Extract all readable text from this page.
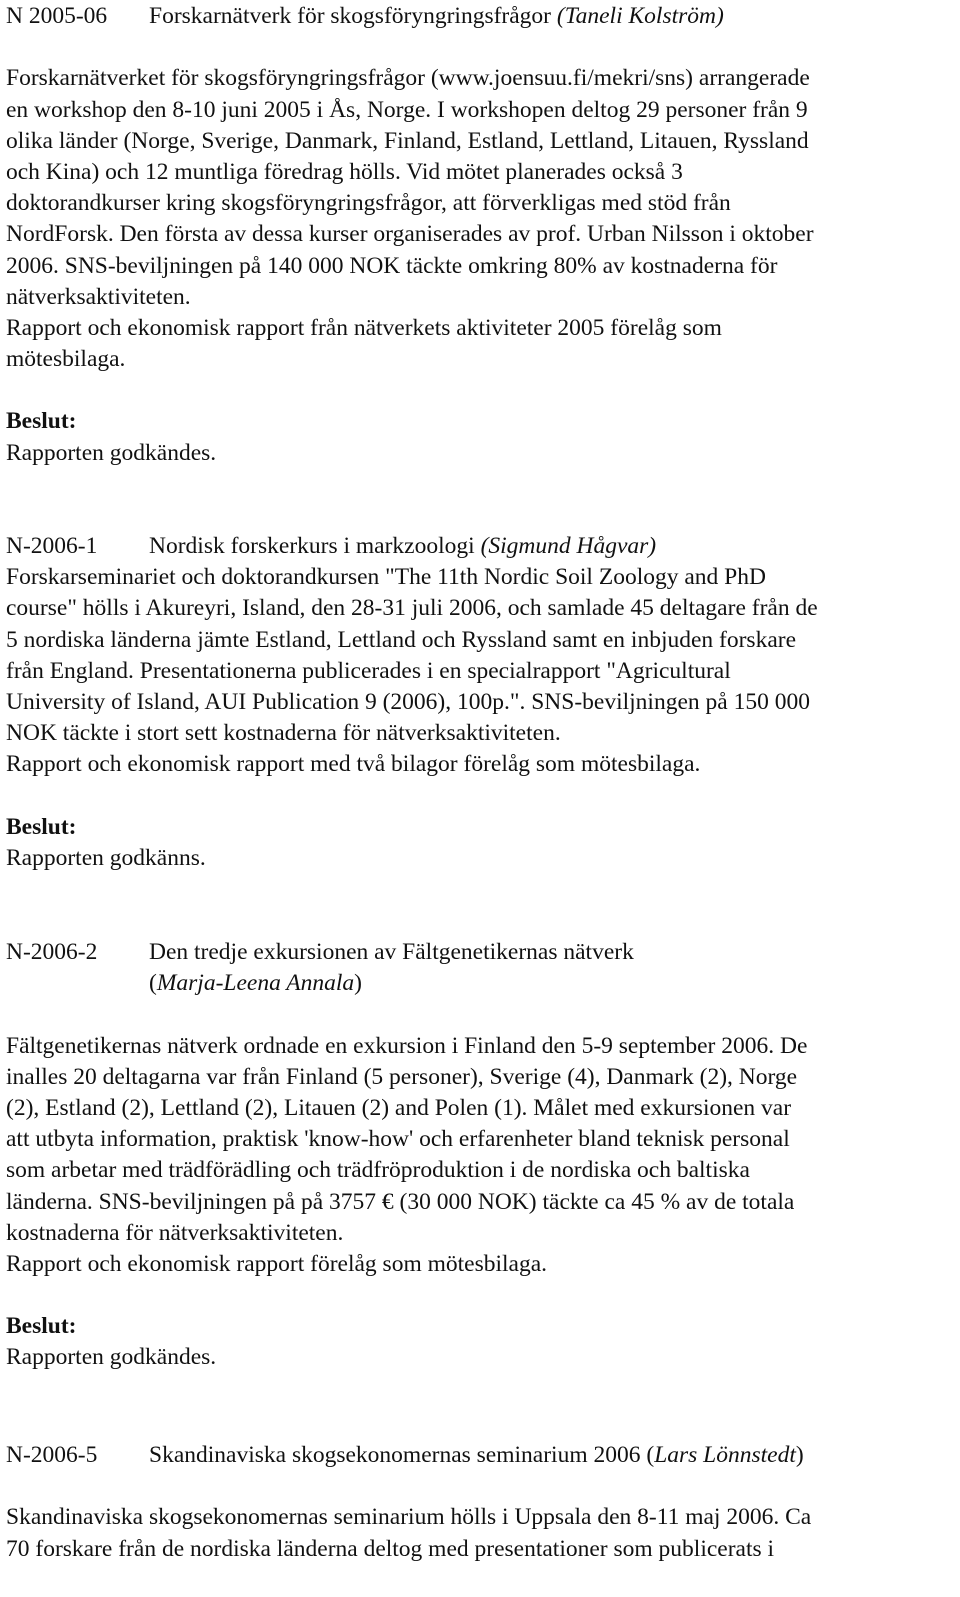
N 2005-06 Forskarnätverk för skogsföryngringsfrågor (Taneli Kolström)
Forskarnätverket för skogsföryngringsfrågor (www.joensuu.fi/mekri/sns) arrangerade
en workshop den 8-10 juni 2005 i Ås, Norge. I workshopen deltog 29 personer från 9
olika länder (Norge, Sverige, Danmark, Finland, Estland, Lettland, Litauen, Ryssland
och Kina) och 12 muntliga föredrag hölls. Vid mötet planerades också 3
doktorandkurser kring skogsföryngringsfrågor, att förverkligas med stöd från
NordForsk. Den första av dessa kurser organiserades av prof. Urban Nilsson i oktober
2006. SNS-beviljningen på 140 000 NOK täckte omkring 80% av kostnaderna för
nätverksaktiviteten.
Rapport och ekonomisk rapport från nätverkets aktiviteter 2005 förelåg som
mötesbilaga.
Beslut:
Rapporten godkändes.
N-2006-1 Nordisk forskerkurs i markzoologi (Sigmund Hågvar)
Forskarseminariet och doktorandkursen "The 11th Nordic Soil Zoology and PhD
course" hölls i Akureyri, Island, den 28-31 juli 2006, och samlade 45 deltagare från de
5 nordiska länderna jämte Estland, Lettland och Ryssland samt en inbjuden forskare
från England. Presentationerna publicerades i en specialrapport "Agricultural
University of Island, AUI Publication 9 (2006), 100p.". SNS-beviljningen på 150 000
NOK täckte i stort sett kostnaderna för nätverksaktiviteten.
Rapport och ekonomisk rapport med två bilagor förelåg som mötesbilaga.
Beslut:
Rapporten godkänns.
N-2006-2 Den tredje exkursionen av Fältgenetikernas nätverk
(Marja-Leena Annala)
Fältgenetikernas nätverk ordnade en exkursion i Finland den 5-9 september 2006. De
inalles 20 deltagarna var från Finland (5 personer), Sverige (4), Danmark (2), Norge
(2), Estland (2), Lettland (2), Litauen (2) and Polen (1). Målet med exkursionen var
att utbyta information, praktisk 'know-how' och erfarenheter bland teknisk personal
som arbetar med trädförädling och trädfröproduktion i de nordiska och baltiska
länderna. SNS-beviljningen på på 3757 € (30 000 NOK) täckte ca 45 % av de totala
kostnaderna för nätverksaktiviteten.
Rapport och ekonomisk rapport förelåg som mötesbilaga.
Beslut:
Rapporten godkändes.
N-2006-5 Skandinaviska skogsekonomernas seminarium 2006 (Lars Lönnstedt)
Skandinaviska skogsekonomernas seminarium hölls i Uppsala den 8-11 maj 2006. Ca
70 forskare från de nordiska länderna deltog med presentationer som publicerats i
